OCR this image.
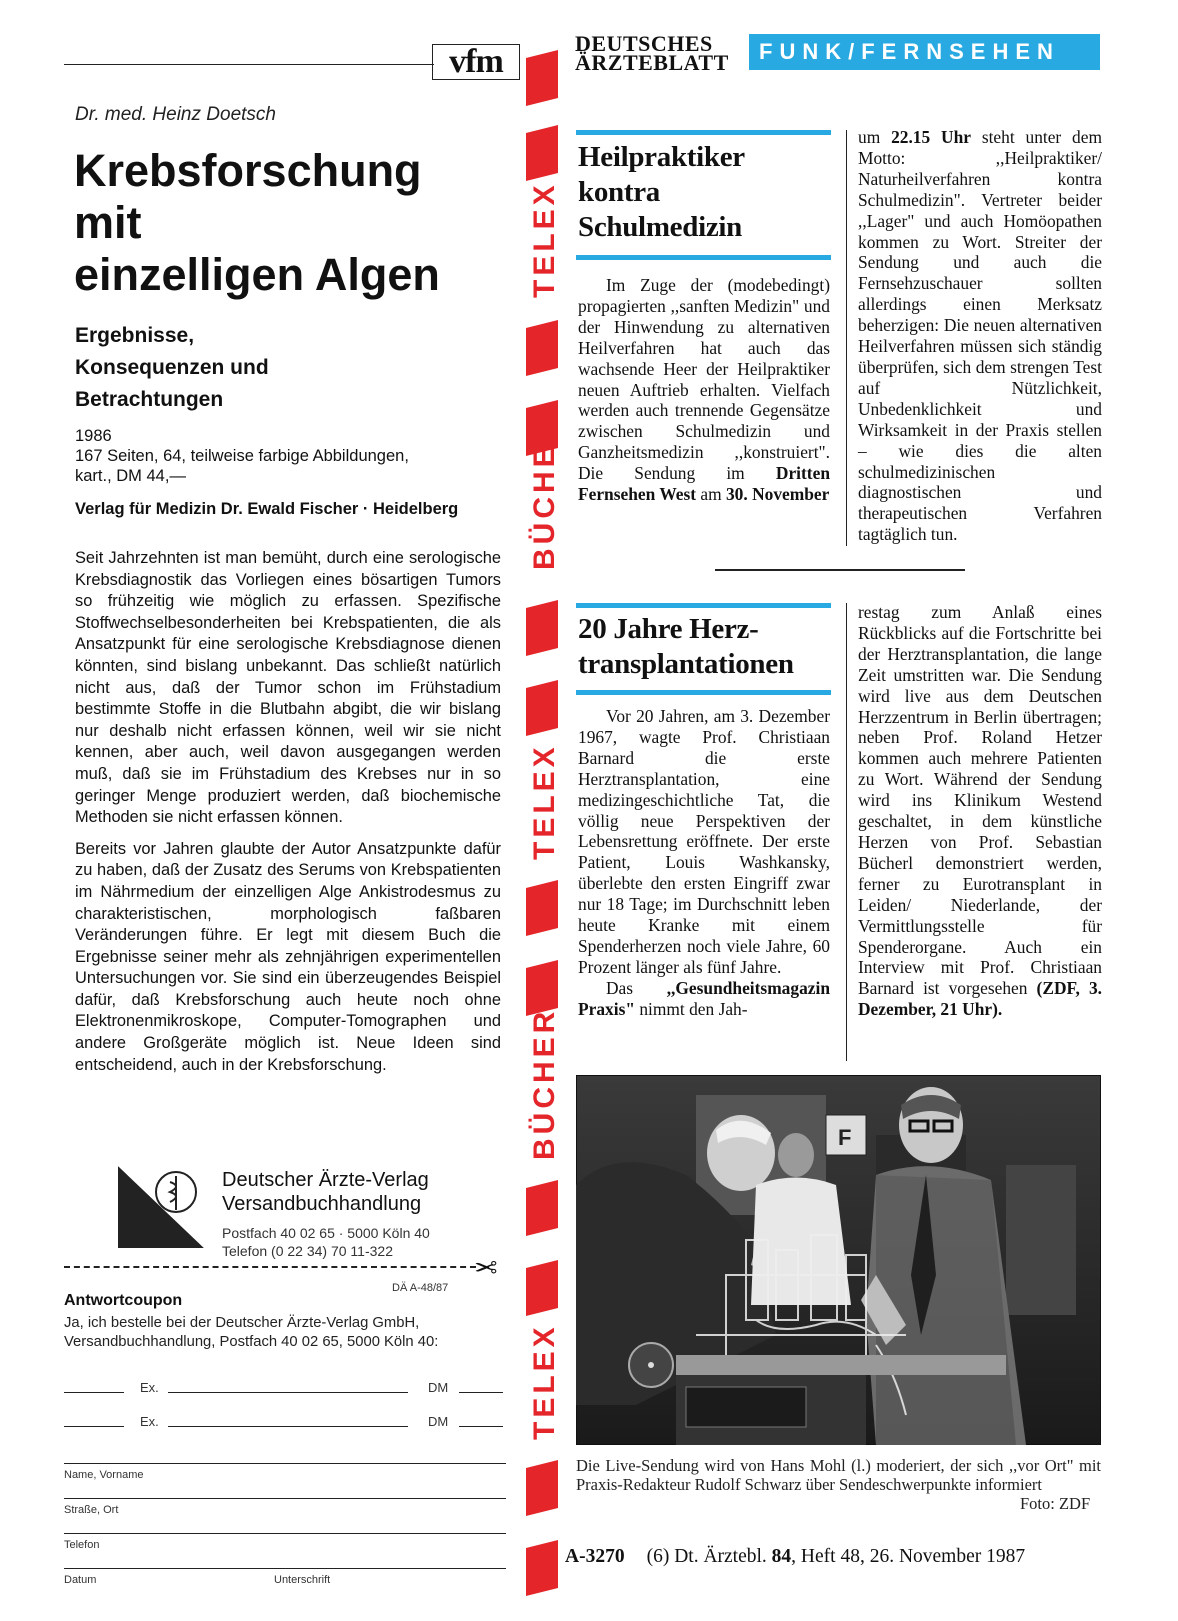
vfm
Dr. med. Heinz Doetsch
Krebsforschung
mit
einzelligen Algen
Ergebnisse,
Konsequenzen und
Betrachtungen
1986
167 Seiten, 64, teilweise farbige Abbildungen,
kart., DM 44,—
Verlag für Medizin Dr. Ewald Fischer · Heidelberg

Seit Jahrzehnten ist man bemüht, durch eine serologische Krebsdiagnostik das Vorliegen eines bösartigen Tumors so frühzeitig wie möglich zu erfassen. Spezifische Stoffwechselbesonderheiten bei Krebspatienten, die als Ansatzpunkt für eine serologische Krebsdiagnose dienen könnten, sind bislang unbekannt. Das schließt natürlich nicht aus, daß der Tumor schon im Frühstadium bestimmte Stoffe in die Blutbahn abgibt, die wir bislang nur deshalb nicht erfassen können, weil wir sie nicht kennen, aber auch, weil davon ausgegangen werden muß, daß sie im Frühstadium des Krebses nur in so geringer Menge produziert werden, daß biochemische Methoden sie nicht erfassen können.

Bereits vor Jahren glaubte der Autor Ansatzpunkte dafür zu haben, daß der Zusatz des Serums von Krebspatienten im Nährmedium der einzelligen Alge Ankistrodesmus zu charakteristischen, morphologisch faßbaren Veränderungen führe. Er legt mit diesem Buch die Ergebnisse seiner mehr als zehnjährigen experimentellen Untersuchungen vor. Sie sind ein überzeugendes Beispiel dafür, daß Krebsforschung auch heute noch ohne Elektronenmikroskope, Computer-Tomographen und andere Großgeräte möglich ist. Neue Ideen sind entscheidend, auch in der Krebsforschung.

Deutscher Ärzte-Verlag
Versandbuchhandlung
Postfach 40 02 65 · 5000 Köln 40
Telefon (0 22 34) 70 11-322	✂
DÄ A-48/87
Antwortcoupon
Ja, ich bestelle bei der Deutscher Ärzte-Verlag GmbH, Versandbuchhandlung, Postfach 40 02 65, 5000 Köln 40:
Ex.	DM
Ex.	DM
Name, Vorname
Straße, Ort
Telefon
Datum	Unterschrift
TELEX
BÜCHER
TELEX
BÜCHER
TELEX
DEUTSCHES
ÄRZTEBLATT	FUNK/FERNSEHEN
Heilpraktiker
kontra
Schulmedizin

Im Zuge der (modebedingt) propagierten ,,sanften Medizin" und der Hinwendung zu alternativen Heilverfahren hat auch das wachsende Heer der Heilpraktiker neuen Auftrieb erhalten. Vielfach werden auch trennende Gegensätze zwischen Schulmedizin und Ganzheitsmedizin ,,konstruiert". Die Sendung im Dritten Fernsehen West am 30. November

um 22.15 Uhr steht unter dem Motto: ,,Heilpraktiker/ Naturheilverfahren kontra Schulmedizin". Vertreter beider ,,Lager" und auch Homöopathen kommen zu Wort. Streiter der Sendung und auch die Fernsehzuschauer sollten allerdings einen Merksatz beherzigen: Die neuen alternativen Heilverfahren müssen sich ständig überprüfen, sich dem strengen Test auf Nützlichkeit, Unbedenklichkeit und Wirksamkeit in der Praxis stellen – wie dies die alten schulmedizinischen diagnostischen und therapeutischen Verfahren tagtäglich tun.

20 Jahre Herz-
transplantationen

Vor 20 Jahren, am 3. Dezember 1967, wagte Prof. Christiaan Barnard die erste Herztransplantation, eine medizingeschichtliche Tat, die völlig neue Perspektiven der Lebensrettung eröffnete. Der erste Patient, Louis Washkansky, überlebte den ersten Eingriff zwar nur 18 Tage; im Durchschnitt leben heute Kranke mit einem Spenderherzen noch viele Jahre, 60 Prozent länger als fünf Jahre.

Das ,,Gesundheitsmagazin Praxis" nimmt den Jah-

restag zum Anlaß eines Rückblicks auf die Fortschritte bei der Herztransplantation, die lange Zeit umstritten war. Die Sendung wird live aus dem Deutschen Herzzentrum in Berlin übertragen; neben Prof. Roland Hetzer kommen auch mehrere Patienten zu Wort. Während der Sendung wird ins Klinikum Westend geschaltet, in dem künstliche Herzen von Prof. Sebastian Bücherl demonstriert werden, ferner zu Eurotransplant in Leiden/ Niederlande, der Vermittlungsstelle für Spenderorgane. Auch ein Interview mit Prof. Christiaan Barnard ist vorgesehen (ZDF, 3. Dezember, 21 Uhr).

F
Die Live-Sendung wird von Hans Mohl (l.) moderiert, der sich ,,vor Ort" mit Praxis-Redakteur Rudolf Schwarz über Sendeschwerpunkte informiert
Foto: ZDF
A-3270 (6) Dt. Ärztebl. 84, Heft 48, 26. November 1987
